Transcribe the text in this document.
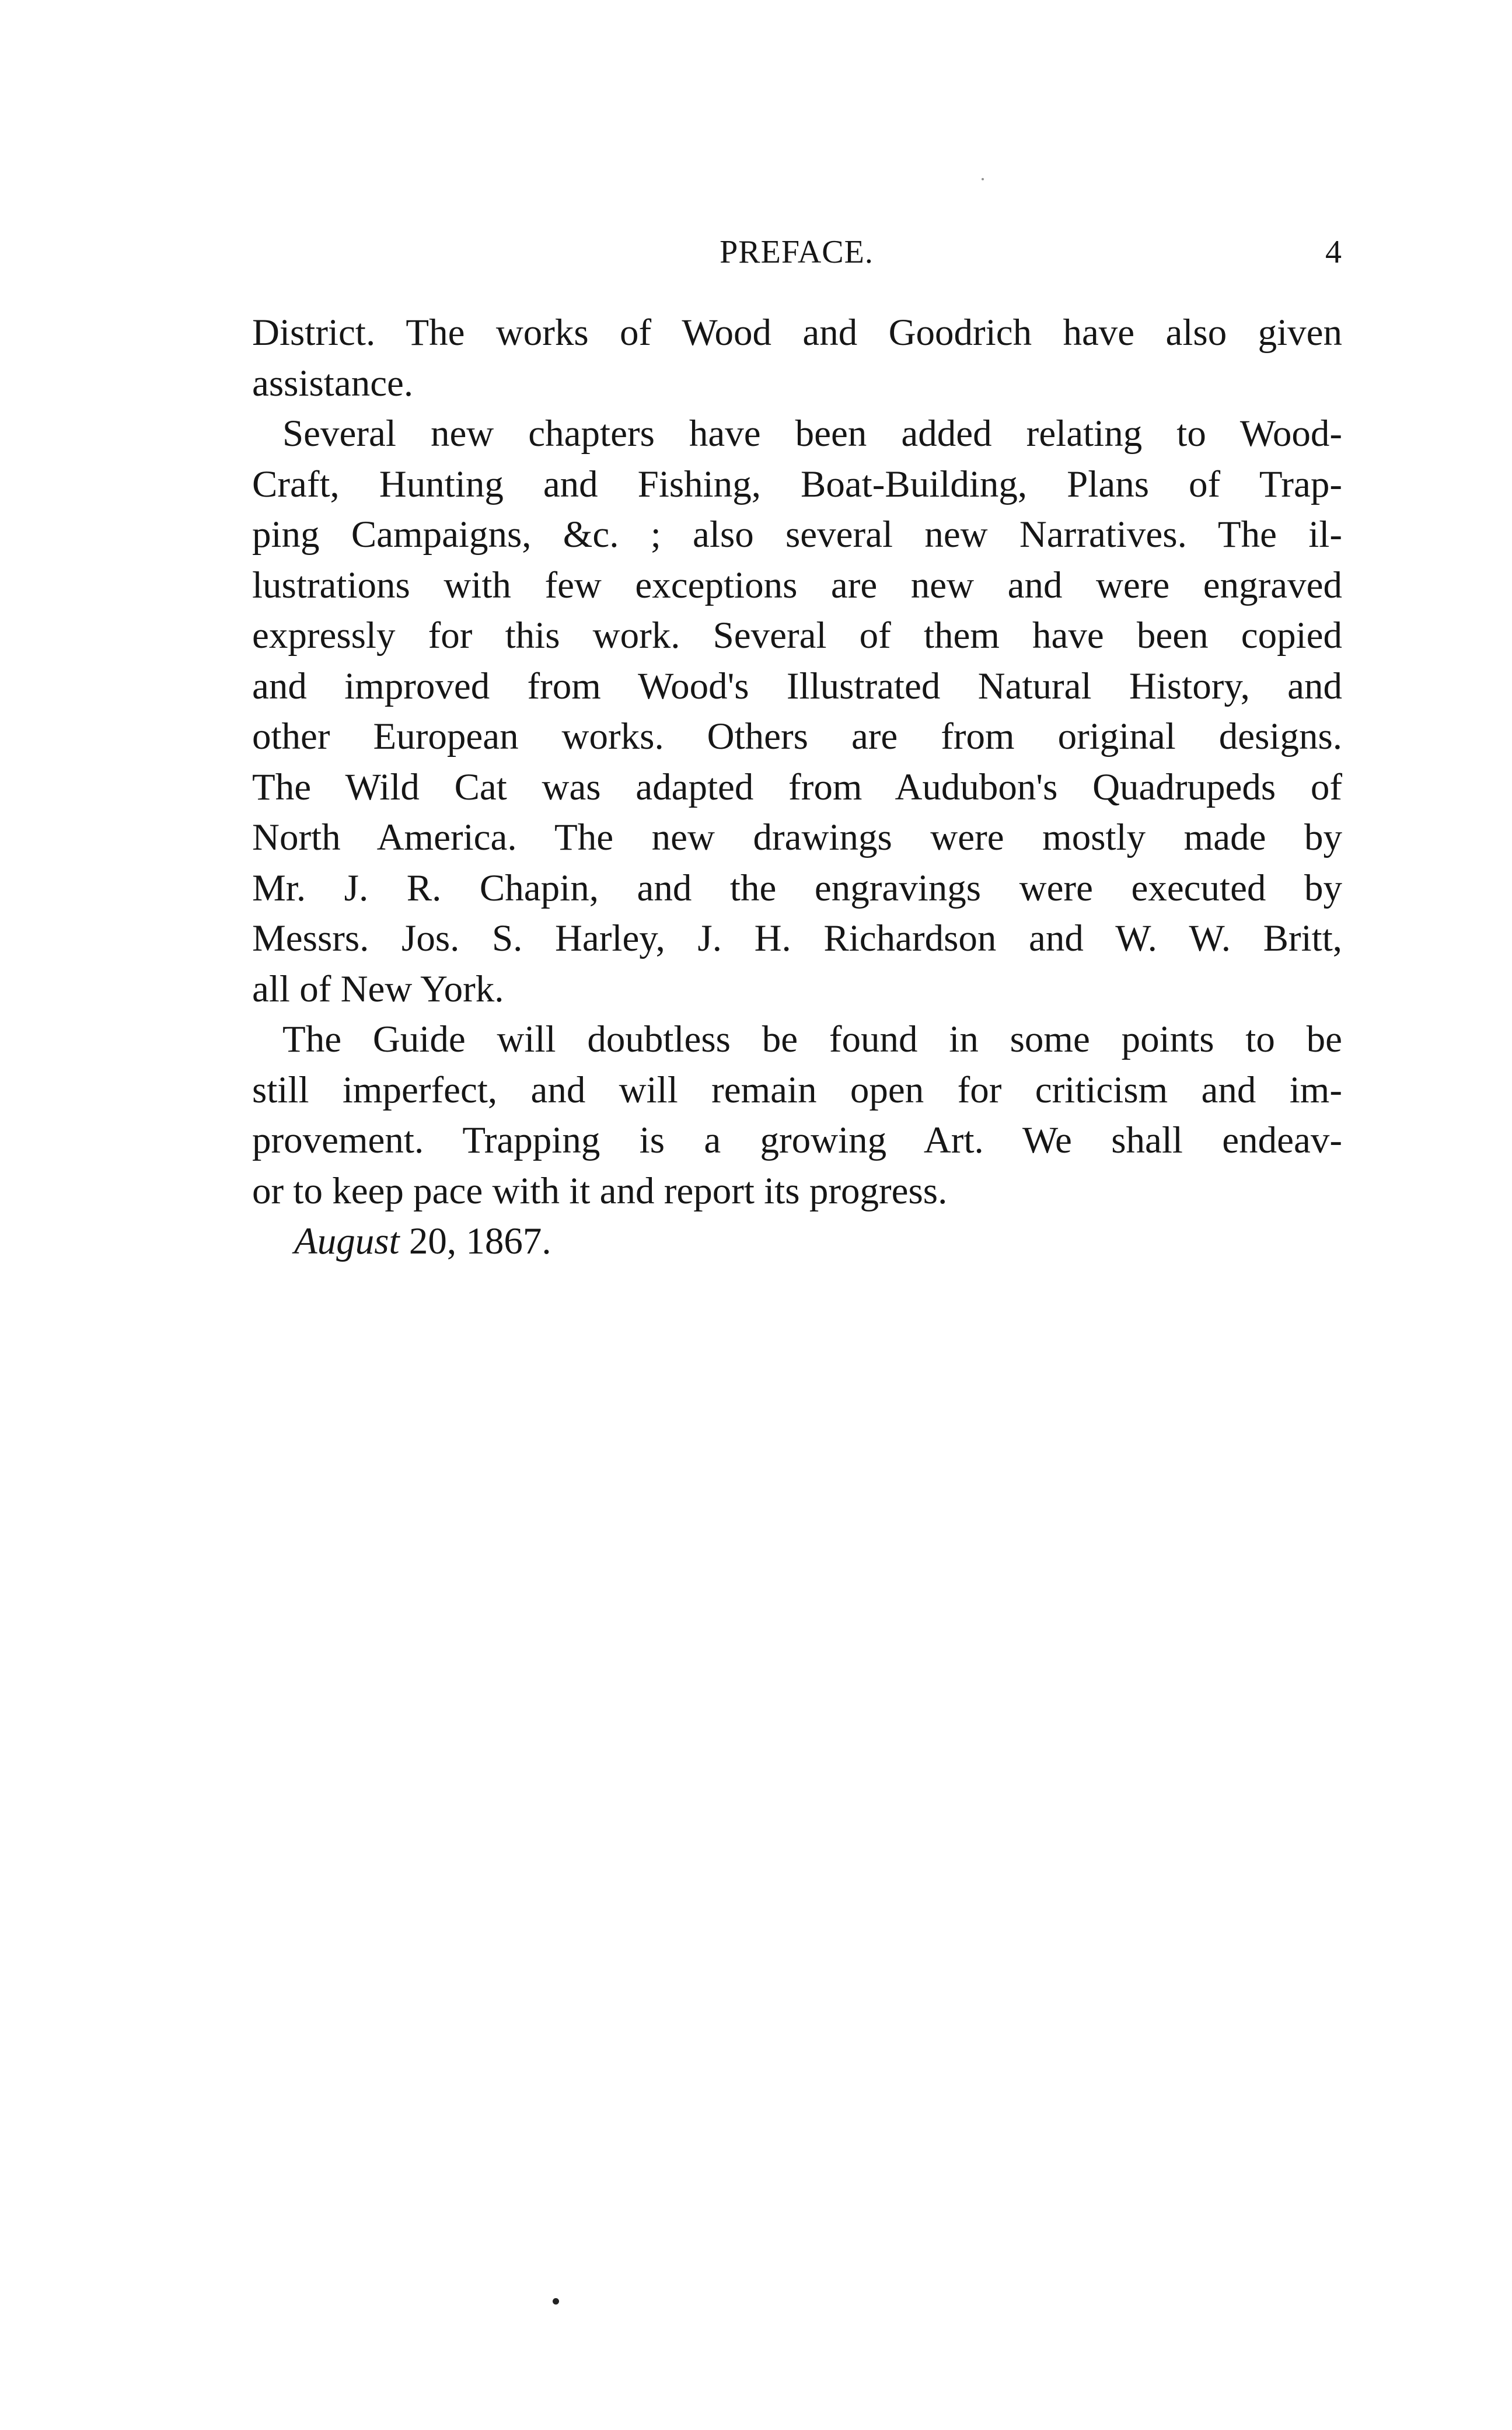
PREFACE.	4
District. The works of Wood and Goodrich have also given
assistance.
Several new chapters have been added relating to Wood-
Craft, Hunting and Fishing, Boat-Building, Plans of Trap-
ping Campaigns, &c. ; also several new Narratives. The il-
lustrations with few exceptions are new and were engraved
expressly for this work. Several of them have been copied
and improved from Wood's Illustrated Natural History, and
other European works. Others are from original designs.
The Wild Cat was adapted from Audubon's Quadrupeds of
North America. The new drawings were mostly made by
Mr. J. R. Chapin, and the engravings were executed by
Messrs. Jos. S. Harley, J. H. Richardson and W. W. Britt,
all of New York.
The Guide will doubtless be found in some points to be
still imperfect, and will remain open for criticism and im-
provement. Trapping is a growing Art. We shall endeav-
or to keep pace with it and report its progress.
August 20, 1867.
